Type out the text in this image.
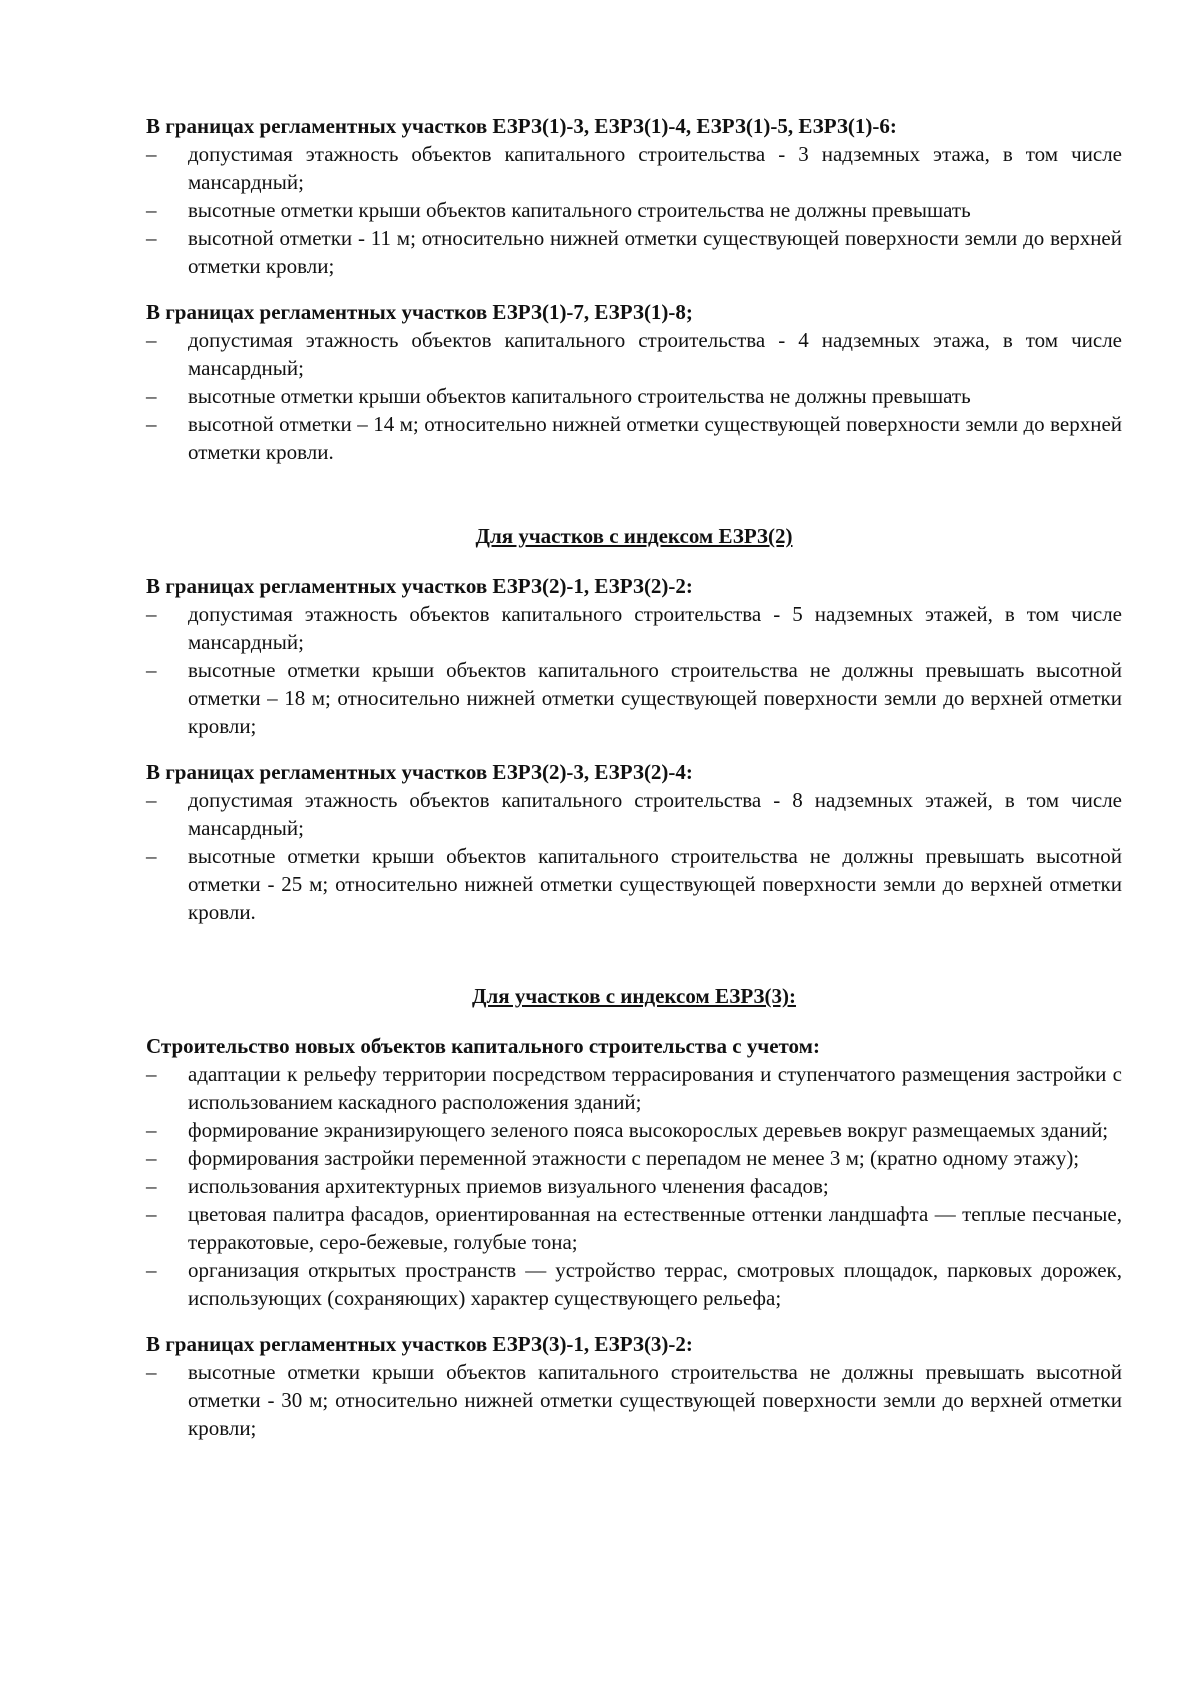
В границах регламентных участков ЕЗРЗ(1)-3, ЕЗРЗ(1)-4, ЕЗРЗ(1)-5, ЕЗРЗ(1)-6:

– допустимая этажность объектов капитального строительства - 3 надземных этажа, в том числе мансардный;
– высотные отметки крыши объектов капитального строительства не должны превышать
– высотной отметки - 11 м; относительно нижней отметки существующей поверхности земли до верхней отметки кровли;

В границах регламентных участков ЕЗРЗ(1)-7, ЕЗРЗ(1)-8;

– допустимая этажность объектов капитального строительства - 4 надземных этажа, в том числе мансардный;
– высотные отметки крыши объектов капитального строительства не должны превышать
– высотной отметки – 14 м; относительно нижней отметки существующей поверхности земли до верхней отметки кровли.

Для участков с индексом ЕЗРЗ(2)

В границах регламентных участков ЕЗРЗ(2)-1, ЕЗРЗ(2)-2:

– допустимая этажность объектов капитального строительства - 5 надземных этажей, в том числе мансардный;
– высотные отметки крыши объектов капитального строительства не должны превышать высотной отметки – 18 м; относительно нижней отметки существующей поверхности земли до верхней отметки кровли;

В границах регламентных участков ЕЗРЗ(2)-3, ЕЗРЗ(2)-4:

– допустимая этажность объектов капитального строительства - 8 надземных этажей, в том числе мансардный;
– высотные отметки крыши объектов капитального строительства не должны превышать высотной отметки - 25 м; относительно нижней отметки существующей поверхности земли до верхней отметки кровли.

Для участков с индексом ЕЗРЗ(3):

Строительство новых объектов капитального строительства с учетом:

– адаптации к рельефу территории посредством террасирования и ступенчатого размещения застройки с использованием каскадного расположения зданий;
– формирование экранизирующего зеленого пояса высокорослых деревьев вокруг размещаемых зданий;
– формирования застройки переменной этажности с перепадом не менее 3 м; (кратно одному этажу);
– использования архитектурных приемов визуального членения фасадов;
– цветовая палитра фасадов, ориентированная на естественные оттенки ландшафта — теплые песчаные, терракотовые, серо-бежевые, голубые тона;
– организация открытых пространств — устройство террас, смотровых площадок, парковых дорожек, использующих (сохраняющих) характер существующего рельефа;

В границах регламентных участков ЕЗРЗ(3)-1, ЕЗРЗ(3)-2:

– высотные отметки крыши объектов капитального строительства не должны превышать высотной отметки - 30 м; относительно нижней отметки существующей поверхности земли до верхней отметки кровли;
